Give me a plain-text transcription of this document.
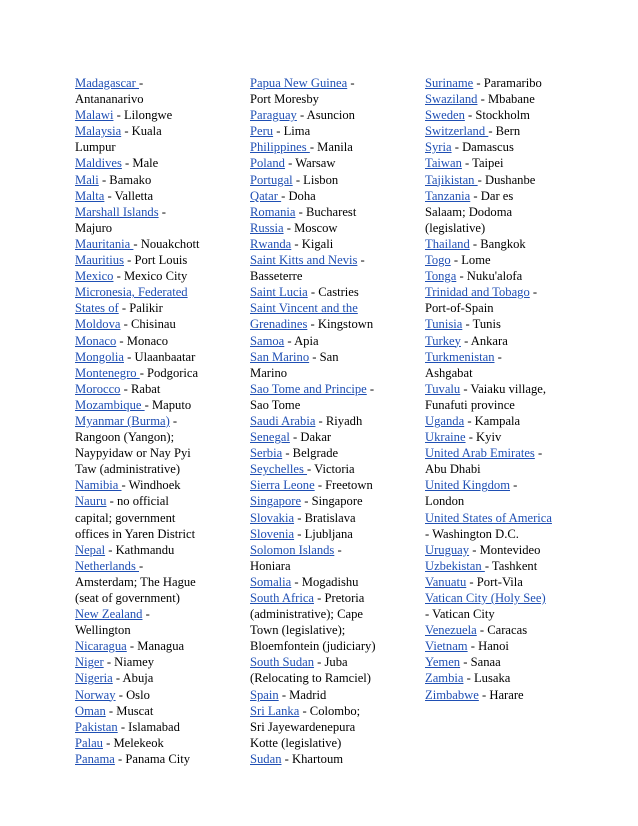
Madagascar -
Antananarivo
Malawi - Lilongwe
Malaysia - Kuala
Lumpur
Maldives - Male
Mali - Bamako
Malta - Valletta
Marshall Islands -
Majuro
Mauritania - Nouakchott
Mauritius - Port Louis
Mexico - Mexico City
Micronesia, Federated
States of - Palikir
Moldova - Chisinau
Monaco - Monaco
Mongolia - Ulaanbaatar
Montenegro - Podgorica
Morocco - Rabat
Mozambique - Maputo
Myanmar (Burma) -
Rangoon (Yangon);
Naypyidaw or Nay Pyi
Taw (administrative)
Namibia - Windhoek
Nauru - no official
capital; government
offices in Yaren District
Nepal - Kathmandu
Netherlands -
Amsterdam; The Hague
(seat of government)
New Zealand -
Wellington
Nicaragua - Managua
Niger - Niamey
Nigeria - Abuja
Norway - Oslo
Oman - Muscat
Pakistan - Islamabad
Palau - Melekeok
Panama - Panama City
Papua New Guinea -
Port Moresby
Paraguay - Asuncion
Peru - Lima
Philippines - Manila
Poland - Warsaw
Portugal - Lisbon
Qatar - Doha
Romania - Bucharest
Russia - Moscow
Rwanda - Kigali
Saint Kitts and Nevis -
Basseterre
Saint Lucia - Castries
Saint Vincent and the
Grenadines - Kingstown
Samoa - Apia
San Marino - San
Marino
Sao Tome and Principe -
Sao Tome
Saudi Arabia - Riyadh
Senegal - Dakar
Serbia - Belgrade
Seychelles - Victoria
Sierra Leone - Freetown
Singapore - Singapore
Slovakia - Bratislava
Slovenia - Ljubljana
Solomon Islands -
Honiara
Somalia - Mogadishu
South Africa - Pretoria
(administrative); Cape
Town (legislative);
Bloemfontein (judiciary)
South Sudan - Juba
(Relocating to Ramciel)
Spain - Madrid
Sri Lanka - Colombo;
Sri Jayewardenepura
Kotte (legislative)
Sudan - Khartoum
Suriname - Paramaribo
Swaziland - Mbabane
Sweden - Stockholm
Switzerland - Bern
Syria - Damascus
Taiwan - Taipei
Tajikistan - Dushanbe
Tanzania - Dar es
Salaam; Dodoma
(legislative)
Thailand - Bangkok
Togo - Lome
Tonga - Nuku'alofa
Trinidad and Tobago -
Port-of-Spain
Tunisia - Tunis
Turkey - Ankara
Turkmenistan -
Ashgabat
Tuvalu - Vaiaku village,
Funafuti province
Uganda - Kampala
Ukraine - Kyiv
United Arab Emirates -
Abu Dhabi
United Kingdom -
London
United States of America
- Washington D.C.
Uruguay - Montevideo
Uzbekistan - Tashkent
Vanuatu - Port-Vila
Vatican City (Holy See)
- Vatican City
Venezuela - Caracas
Vietnam - Hanoi
Yemen - Sanaa
Zambia - Lusaka
Zimbabwe - Harare
